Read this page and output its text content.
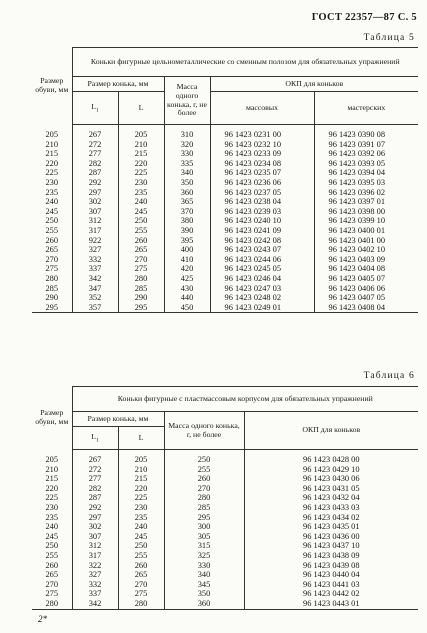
ГОСТ 22357—87 С. 5
Таблица 5
Размер обуви, мм	Коньки фигурные цельнометаллические со сменным полозом для обязательных упражнений				
	Размер конька, мм		Масса одного конька, г, не более	ОКП для коньков	
	$L_1$	L		массовых	мастерских

205	267	205	310	96 1423 0231 00	96 1423 0390 08
210	272	210	320	96 1423 0232 10	96 1423 0391 07
215	277	215	330	96 1423 0233 09	96 1423 0392 06
220	282	220	335	96 1423 0234 08	96 1423 0393 05
225	287	225	340	96 1423 0235 07	96 1423 0394 04
230	292	230	350	96 1423 0236 06	96 1423 0395 03
235	297	235	360	96 1423 0237 05	96 1423 0396 02
240	302	240	365	96 1423 0238 04	96 1423 0397 01
245	307	245	370	96 1423 0239 03	96 1423 0398 00
250	312	250	380	96 1423 0240 10	96 1423 0399 10
255	317	255	390	96 1423 0241 09	96 1423 0400 01
260	922	260	395	96 1423 0242 08	96 1423 0401 00
265	327	265	400	96 1423 0243 07	96 1423 0402 10
270	332	270	410	96 1423 0244 06	96 1423 0403 09
275	337	275	420	96 1423 0245 05	96 1423 0404 08
280	342	280	425	96 1423 0246 04	96 1423 0405 07
285	347	285	430	96 1423 0247 03	96 1423 0406 06
290	352	290	440	96 1423 0248 02	96 1423 0407 05
295	357	295	450	96 1423 0249 01	96 1423 0408 04
Таблица 6
Размер обуви, мм	Коньки фигурные с пластмассовым корпусом для обязательных упражнений			
	Размер конька, мм		Масса одного конька, г, не более	ОКП для коньков
	$L_1$	L		

205	267	205	250	96 1423 0428 00
210	272	210	255	96 1423 0429 10
215	277	215	260	96 1423 0430 06
220	282	220	270	96 1423 0431 05
225	287	225	280	96 1423 0432 04
230	292	230	285	96 1423 0433 03
235	297	235	295	96 1423 0434 02
240	302	240	300	96 1423 0435 01
245	307	245	305	96 1423 0436 00
250	312	250	315	96 1423 0437 10
255	317	255	325	96 1423 0438 09
260	322	260	330	96 1423 0439 08
265	327	265	340	96 1423 0440 04
270	332	270	345	96 1423 0441 03
275	337	275	350	96 1423 0442 02
280	342	280	360	96 1423 0443 01
2*
